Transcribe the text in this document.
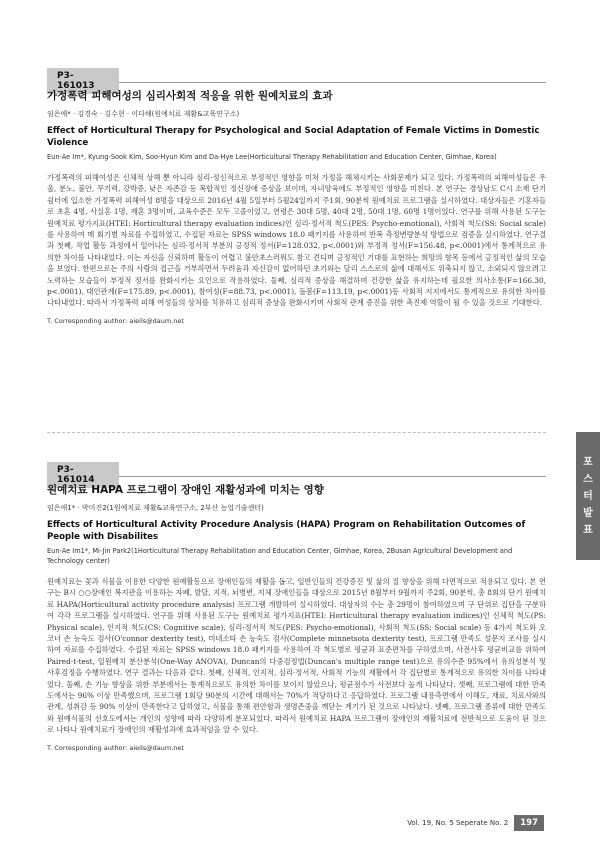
P3-161013
가정폭력 피해여성의 심리사회적 적응을 위한 원예치료의 효과
임은애* · 김경숙 · 김수현 · 이다해(원예치료 재활&교육연구소)
Effect of Horticultural Therapy for Psychological and Social Adaptation of Female Victims in Domestic Violence
Eun-Ae Im*, Kyung-Sook Kim, Soo-Hyun Kim and Da-Hye Lee(Horticultural Therapy Rehabilitation and Education Center, Gimhae, Korea)
가정폭력의 피해여성은 신체적 상해 뿐 아니라 심리·정신적으로 부정적인 영향을 미쳐 가정을 해체시키는 사회문제가 되고 있다. 가정폭력의 피해여성들은 우울, 분노, 불안, 무기력, 강박증, 낮은 자존감 등 복합적인 정신장애 증상을 보이며, 자녀양육에도 부정적인 영향을 미친다. 본 연구는 경상남도 C시 소재 단기쉼터에 입소한 가정폭력 피해여성 8명을 대상으로 2016년 4월 5일부터 5월24일까지 주1회, 90분씩 원예치료 프로그램을 실시하였다. 대상자들은 기혼자들로 초혼 4명, 사실혼 1명, 재혼 3명이며, 교육수준은 모두 고졸이었고, 연령은 30대 5명, 40대 2명, 50대 1명, 60명 1명이었다. 연구를 위해 사용된 도구는 원예치료 평가지표(HTEI: Horticultural therapy evaluation indices)인 심리·정서적 척도(PES: Psycho-emotional), 사회적 척도(SS: Social scale)를 사용하여 매 회기별 자료를 수집하였고, 수집된 자료는 SPSS windows 18.0 패키지를 사용하여 반복 측정변량분석 방법으로 검증을 실시하였다. 연구결과 첫째, 작업 활동 과정에서 일어나는 심리·정서적 부분의 긍정적 정서(F=128.032, p<.0001)와 부정적 정서(F=156.48, p<.0001)에서 통계적으로 유의한 차이를 나타내었다. 이는 자신을 신뢰하며 활동이 어렵고 불안초스러워도 참고 견디며 긍정적인 기대를 표현하는 희망의 향목 등에서 긍정적인 삶의 모습을 보였다. 한편으로는 주의 사람의 접근을 거부하면서 두려움과 자신감이 없어하던 초기와는 달리 스스로의 삶에 대해서도 위축되지 않고, 소외되지 않으려고 노력하는 모습들이 부정적 정서를 완화시키는 요인으로 작용하였다. 둘째, 심리적 증상을 해결하며 건강한 삶을 유지하는데 필요한 의사소통(F=166.30, p<.0001), 대인관계(F=175.89, p<.0001), 참여성(F=88.73, p<.0001), 돌봄(F=113.19, p<.0001)등 사회적 지지에서도 통계적으로 유의한 차이를 나타내었다. 따라서 가정폭력 피해 여성들의 상처를 치유하고 심리적 증상을 완화시키며 사회적 관계 증진을 위한 촉진제 역할이 될 수 있을 것으로 기대한다.
T. Corresponding author: aieils@daum.net
P3-161014
원예치료 HAPA 프로그램이 장애인 재활성과에 미치는 영향
임은애1* · 박미진2(1원예치료 재활&교육연구소, 2부산 농업기술센터)
Effects of Horticultural Activity Procedure Analysis (HAPA) Program on Rehabilitation Outcomes of People with Disabilites
Eun-Ae Im1*, Mi-Jin Park2(1Horticultural Therapy Rehabilitation and Education Center, Gimhae, Korea, 2Busan Agricultural Development and Technology center)
원예치료는 꽃과 식물을 이용한 다양한 원예활동으로 장애인들의 재활을 돕고, 일반인들의 건강증진 및 삶의 질 향상을 위해 다면적으로 적용되고 있다. 본 연구는 B시 ○○장애인 복지관을 이용하는 자폐, 발달, 지적, 뇌병변, 지체 장애인들을 대상으로 2015년 8월부터 9월까지 주2회, 90분씩, 총 8회의 단기 원예치료 HAPA(Horticultural activity procedure analysis) 프로그램 개발하여 실시하였다. 대상자의 수는 총 29명이 참여하였으며 구 단위로 집단을 구분하여 각각 프로그램을 실시하였다. 연구를 위해 사용된 도구는 원예치료 평가지표(HTEI: Horticultural therapy evaluation indices)인 신체적 척도(PS: Physical scale), 인지적 척도(CS: Cognitive scale), 심리·정서적 척도(PES: Psycho-emotional), 사회적 척도(SS: Social scale) 등 4가지 척도와 오코너 손 능숙도 검사(O'connor dexterity test), 미네소타 손 능숙도 검사(Complete minnetsota dexterity test), 프로그램 만족도 설문지 조사를 실시하여 자료를 수집하였다. 수집된 자료는 SPSS windows 18.0 패키지를 사용하여 각 척도별로 평균과 표준편차를 구하였으며, 사전사후 평균비교를 위하여 Paired-t-test, 일원배치 분산분석(One-Way ANOVA), Duncan의 다중검정법(Duncan's multiple range test)으로 유의수준 95%에서 유의성분석 및 사후검정을 수행하였다. 연구 결과는 다음과 같다. 첫째, 신체적, 인지적, 심리·정서적, 사회적 기능의 재활에서 각 집단별로 통계적으로 유의한 차이를 나타내었다. 둘째, 손 기능 향상을 위한 부분에서는 통계적으로도 유의한 차이를 보이지 않았으나, 평균점수가 사전보다 높게 나타났다. 셋째, 프로그램에 대한 만족도에서는 96% 이상 만족했으며, 프로그램 1회당 90분의 시간에 대해서는 70%가 적당하다고 응답하였다. 프로그램 내용측면에서 이해도, 재료, 치료사와의 관계, 성취감 등 90% 이상이 만족한다고 답하였고, 식물을 통해 편안함과 생명존중을 깨닫는 계기가 된 것으로 나타났다. 넷째, 프로그램 종류에 대한 만족도와 원예식물의 선호도에서는 개인의 성향에 따라 다양하게 분포되었다. 따라서 원예치료 HAPA 프로그램이 장애인의 재활치료에 전반적으로 도움이 된 것으로 나타나 원예치료가 장애인의 재활성과에 효과적임을 알 수 있다.
T. Corresponding author: aieils@daum.net
포
스
터
발
표
Vol. 19, No. 5 Seperate No. 2	197
